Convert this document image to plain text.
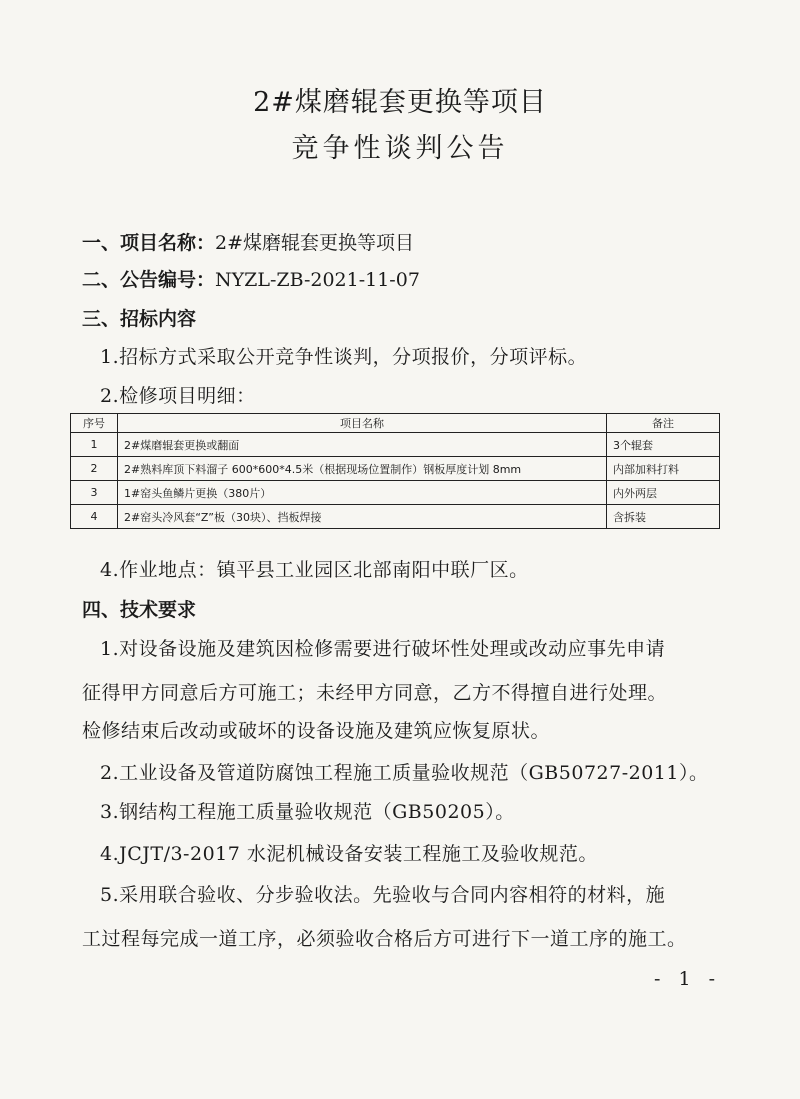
2#煤磨辊套更换等项目
竞争性谈判公告
一、项目名称：2#煤磨辊套更换等项目
二、公告编号：NYZL-ZB-2021-11-07
三、招标内容
1.招标方式采取公开竞争性谈判，分项报价，分项评标。
2.检修项目明细：
序号	项目名称	备注
1	2#煤磨辊套更换或翻面	3个辊套
2	2#熟料库顶下料溜子 600*600*4.5米（根据现场位置制作）钢板厚度计划 8mm	内部加料打料
3	1#窑头鱼鳞片更换（380片）	内外两层
4	2#窑头冷风套“Z”板（30块）、挡板焊接	含拆装
4.作业地点：镇平县工业园区北部南阳中联厂区。
四、技术要求
1.对设备设施及建筑因检修需要进行破坏性处理或改动应事先申请
征得甲方同意后方可施工；未经甲方同意，乙方不得擅自进行处理。
检修结束后改动或破坏的设备设施及建筑应恢复原状。
2.工业设备及管道防腐蚀工程施工质量验收规范（GB50727-2011）。
3.钢结构工程施工质量验收规范（GB50205）。
4.JCJT/3-2017 水泥机械设备安装工程施工及验收规范。
5.采用联合验收、分步验收法。先验收与合同内容相符的材料，施
工过程每完成一道工序，必须验收合格后方可进行下一道工序的施工。
- 1 -
